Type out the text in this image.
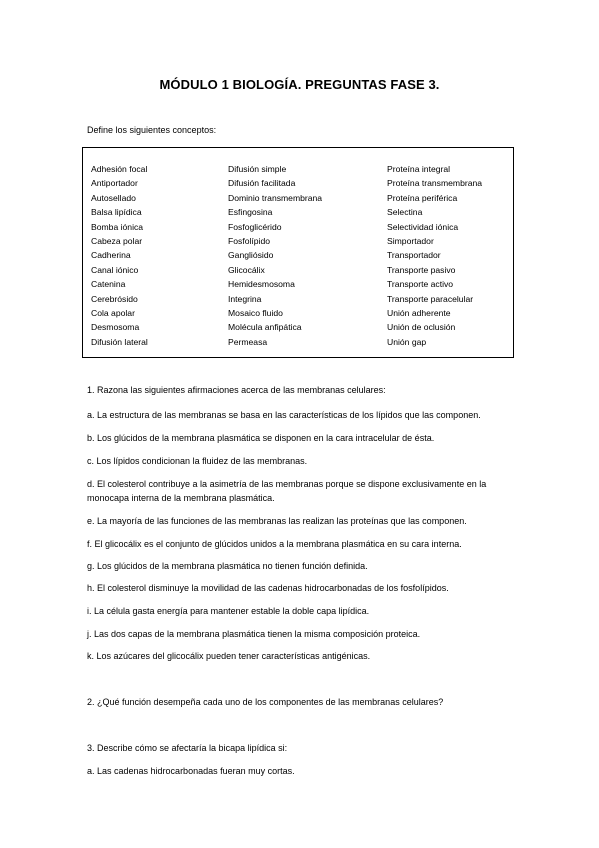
MÓDULO 1 BIOLOGÍA. PREGUNTAS FASE 3.
Define los siguientes conceptos:
Adhesión focal
Antiportador
Autosellado
Balsa lipídica
Bomba iónica
Cabeza polar
Cadherina
Canal iónico
Catenina
Cerebrósido
Cola apolar
Desmosoma
Difusión lateral
Difusión simple
Difusión facilitada
Dominio transmembrana
Esfingosina
Fosfoglicérido
Fosfolípido
Gangliósido
Glicocálix
Hemidesmosoma
Integrina
Mosaico fluido
Molécula anfipática
Permeasa
Proteína integral
Proteína transmembrana
Proteína periférica
Selectina
Selectividad iónica
Simportador
Transportador
Transporte pasivo
Transporte activo
Transporte paracelular
Unión adherente
Unión de oclusión
Unión gap
1. Razona las siguientes afirmaciones acerca de las membranas celulares:
a. La estructura de las membranas se basa en las características de los lípidos que las componen.
b. Los glúcidos de la membrana plasmática se disponen en la cara intracelular de ésta.
c. Los lípidos condicionan la fluidez de las membranas.
d. El colesterol contribuye a la asimetría de las membranas porque se dispone exclusivamente en la monocapa interna de la membrana plasmática.
e. La mayoría de las funciones de las membranas las realizan las proteínas que las componen.
f. El glicocálix es el conjunto de glúcidos unidos a la membrana plasmática en su cara interna.
g. Los glúcidos de la membrana plasmática no tienen función definida.
h. El colesterol disminuye la movilidad de las cadenas hidrocarbonadas de los fosfolípidos.
i. La célula gasta energía para mantener estable la doble capa lipídica.
j. Las dos capas de la membrana plasmática tienen la misma composición proteica.
k. Los azúcares del glicocálix pueden tener características antigénicas.
2. ¿Qué función desempeña cada uno de los componentes de las membranas celulares?
3. Describe cómo se afectaría la bicapa lipídica si:
a. Las cadenas hidrocarbonadas fueran muy cortas.
